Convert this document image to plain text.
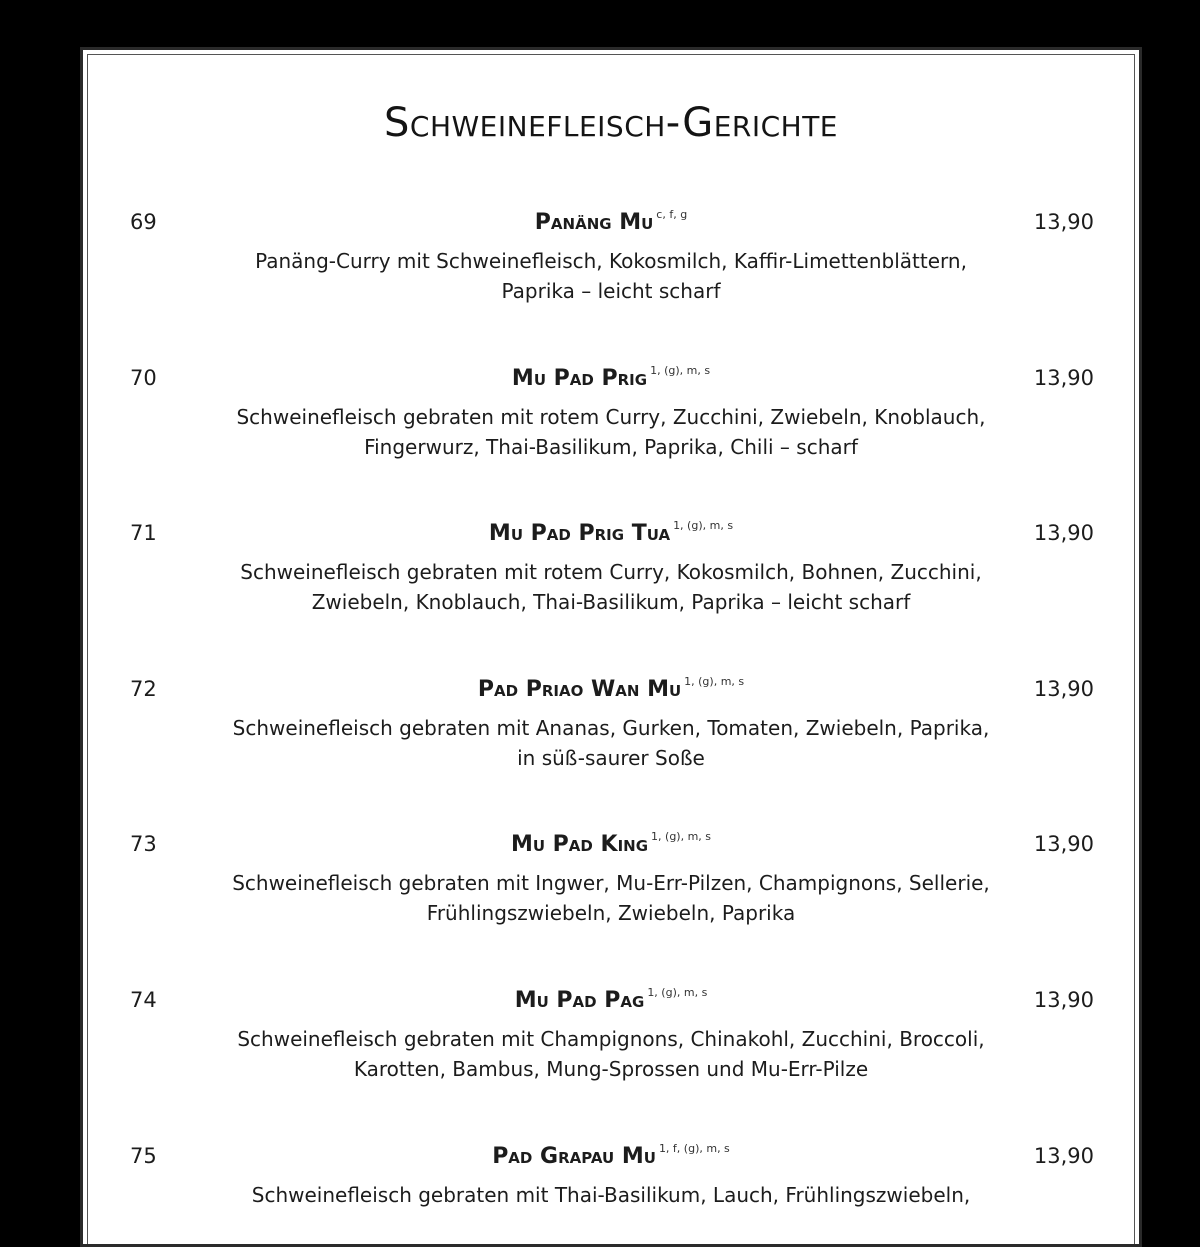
Schweinefleisch-Gerichte
69	Panäng Mu $^{c, f, g}$	13,90
Panäng-Curry mit Schweinefleisch, Kokosmilch, Kaffir-Limettenblättern,
Paprika – leicht scharf
70	Mu Pad Prig $^{1, (g), m, s}$	13,90
Schweinefleisch gebraten mit rotem Curry, Zucchini, Zwiebeln, Knoblauch,
Fingerwurz, Thai-Basilikum, Paprika, Chili – scharf
71	Mu Pad Prig Tua $^{1, (g), m, s}$	13,90
Schweinefleisch gebraten mit rotem Curry, Kokosmilch, Bohnen, Zucchini,
Zwiebeln, Knoblauch, Thai-Basilikum, Paprika – leicht scharf
72	Pad Priao Wan Mu $^{1, (g), m, s}$	13,90
Schweinefleisch gebraten mit Ananas, Gurken, Tomaten, Zwiebeln, Paprika,
in süß-saurer Soße
73	Mu Pad King $^{1, (g), m, s}$	13,90
Schweinefleisch gebraten mit Ingwer, Mu-Err-Pilzen, Champignons, Sellerie,
Frühlingszwiebeln, Zwiebeln, Paprika
74	Mu Pad Pag $^{1, (g), m, s}$	13,90
Schweinefleisch gebraten mit Champignons, Chinakohl, Zucchini, Broccoli,
Karotten, Bambus, Mung-Sprossen und Mu-Err-Pilze
75	Pad Grapau Mu $^{1, f, (g), m, s}$	13,90
Schweinefleisch gebraten mit Thai-Basilikum, Lauch, Frühlingszwiebeln,
